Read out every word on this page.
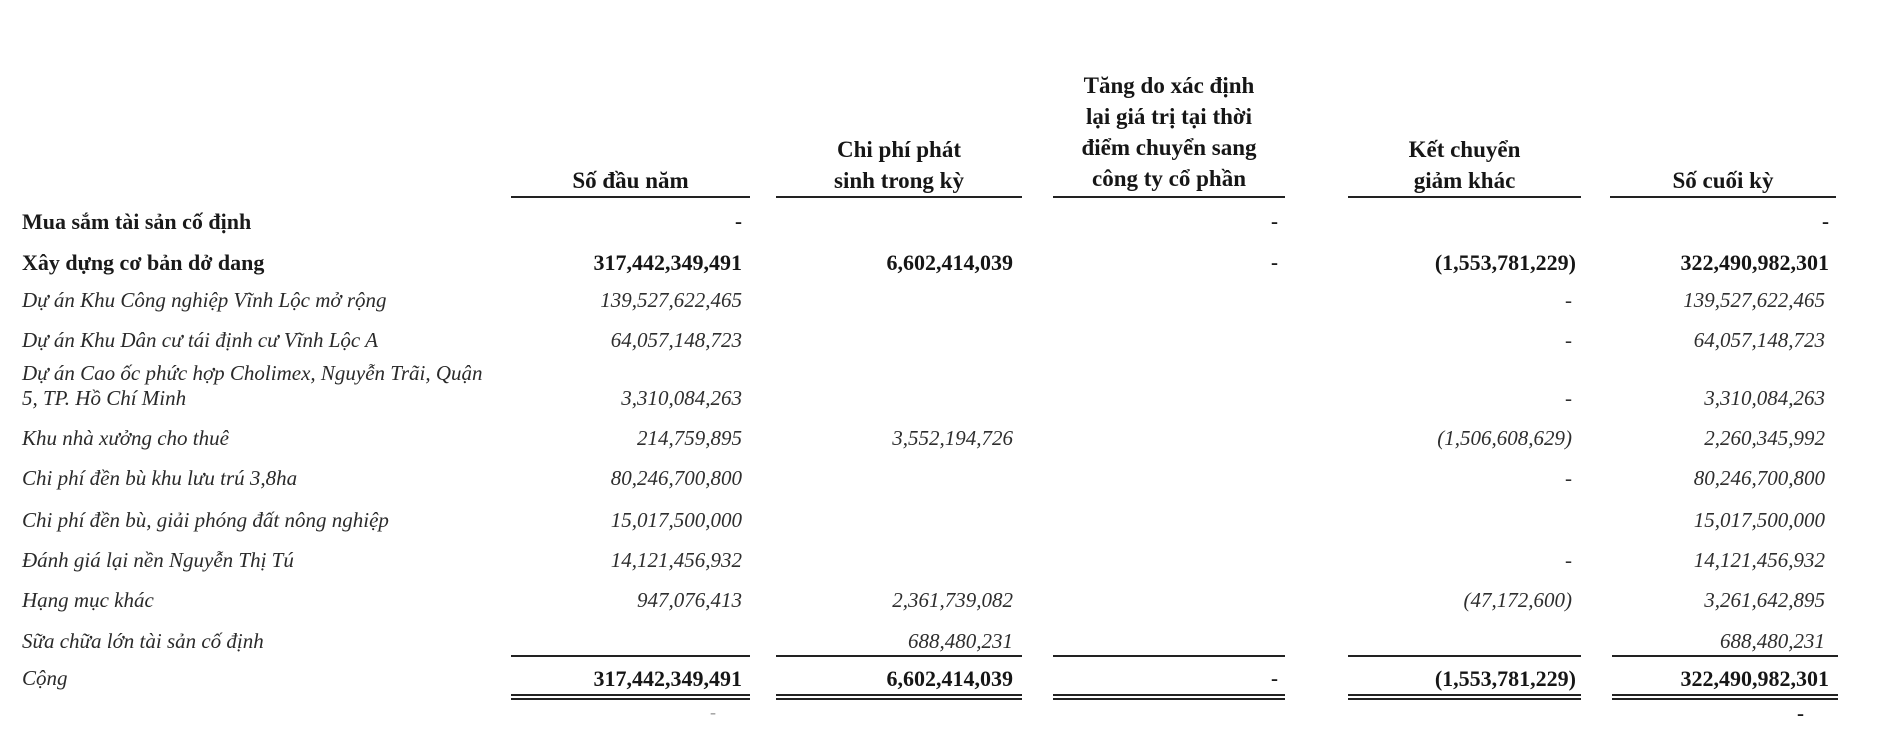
Số đầu năm
Chi phí phát
sinh trong kỳ
Tăng do xác định
lại giá trị tại thời
điểm chuyển sang
công ty cổ phần
Kết chuyển
giảm khác	Số cuối kỳ
Mua sắm tài sản cố định
Xây dựng cơ bản dở dang
Dự án Khu Công nghiệp Vĩnh Lộc mở rộng
Dự án Khu Dân cư tái định cư Vĩnh Lộc A
Dự án Cao ốc phức hợp Cholimex, Nguyễn Trãi, Quận
5, TP. Hồ Chí Minh
Khu nhà xưởng cho thuê
Chi phí đền bù khu lưu trú 3,8ha
Chi phí đền bù, giải phóng đất nông nghiệp
Đánh giá lại nền Nguyễn Thị Tú
Hạng mục khác
Sữa chữa lớn tài sản cố định
Cộng
-
317,442,349,491
139,527,622,465
64,057,148,723
3,310,084,263
214,759,895
80,246,700,800
15,017,500,000
14,121,456,932
947,076,413
317,442,349,491
6,602,414,039
3,552,194,726
2,361,739,082
688,480,231
6,602,414,039
-
-
-
(1,553,781,229)
-
-
-
(1,506,608,629)
-
-
(47,172,600)
(1,553,781,229)
-
322,490,982,301
139,527,622,465
64,057,148,723
3,310,084,263
2,260,345,992
80,246,700,800
15,017,500,000
14,121,456,932
3,261,642,895
688,480,231
322,490,982,301
-	-
